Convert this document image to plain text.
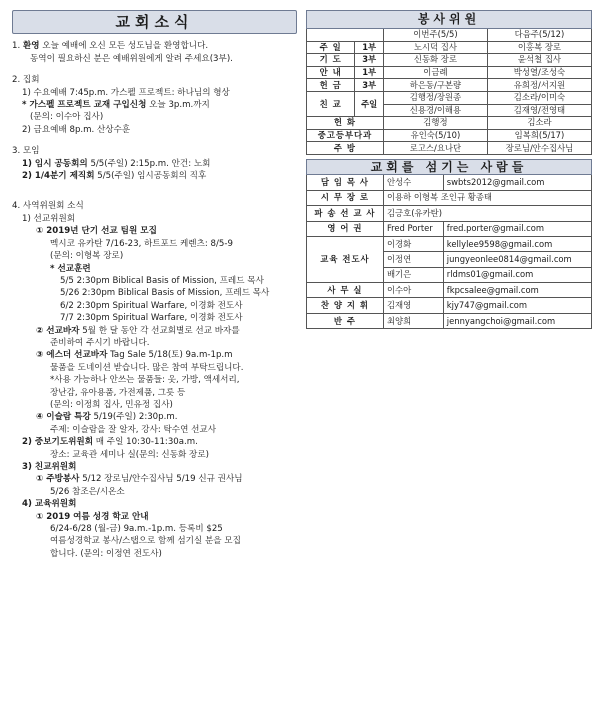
교회소식

1. 환영 오늘 예배에 오신 모든 성도님을 환영합니다.

동역이 필요하신 분은 예배위원에게 알려 주세요(3부).

2. 집회

1) 수요예배 7:45p.m. 가스펠 프로젝트: 하나님의 형상

* 가스펠 프로젝트 교재 구입신청 오늘 3p.m.까지

(문의: 이수아 집사)

2) 금요예배 8p.m. 산상수훈

3. 모임

1) 임시 공동회의 5/5(주일) 2:15p.m. 안건: 노회

2) 1/4분기 제직회 5/5(주일) 임시공동회의 직후

4. 사역위원회 소식

1) 선교위원회

① 2019년 단기 선교 팀원 모집

멕시코 유카탄 7/16-23, 하트포드 케렌츠: 8/5-9

(문의: 이형복 장로)

* 선교훈련

5/5 2:30pm Biblical Basis of Mission, 프레드 목사

5/26 2:30pm Biblical Basis of Mission, 프레드 목사

6/2 2:30pm Spiritual Warfare, 이경화 전도사

7/7 2:30pm Spiritual Warfare, 이경화 전도사

② 선교바자 5월 한 달 동안 각 선교회별로 선교 바자를

준비하여 주시기 바랍니다.

③ 에스더 선교바자 Tag Sale 5/18(토) 9a.m-1p.m

물품을 도네이션 받습니다. 많은 참여 부탁드립니다.

*사용 가능하나 안쓰는 물품들: 옷, 가방, 액세서리,

장난감, 유아용품, 가전제품, 그릇 등

(문의: 이정희 집사, 민유정 집사)

④ 이슬람 특강 5/19(주일) 2:30p.m.

주제: 이슬람을 잘 알자, 강사: 탁수연 선교사

2) 중보기도위원회 매 주일 10:30-11:30a.m.

장소: 교육관 세미나 실(문의: 신동화 장로)

3) 친교위원회

① 주방봉사 5/12 장로님/안수집사님 5/19 신규 권사님

5/26 참조은/시온소

4) 교육위원회

① 2019 여름 성경 학교 안내

6/24-6/28 (월-금) 9a.m.-1p.m. 등록비 $25

여름성경학교 봉사/스탭으로 함께 섬기실 분을 모집

합니다. (문의: 이정연 전도사)

봉사위원			
		이번주(5/5)	다음주(5/12)
주 일	1부	노시덕 집사	이홍복 장로
기 도	3부	신동화 장로	윤석철 집사
안 내	1부	이금례	박성열/조성숙
헌 금	3부	하은동/구본량	유희정/서지원
친 교	주일	김행정/장원종	김소라/이미숙
		신용경/이해용	김재영/전영태
헌 화		김행정	김소라
중고등부다과		유인숙(5/10)	임복희(5/17)
주 방		로고스/요나단	장로님/안수집사님
교회를 섬기는 사람들		
담 임 목 사	안성수	swbts2012@gmail.com
시 무 장 로	이용하 이형복 조인규 황종태	
파 송 선 교 사	김긍호(유카탄)	
영 어 권	Fred Porter	fred.porter@gmail.com
교육 전도사	이경화	kellylee9598@gmail.com
	이정연	jungyeonlee0814@gmail.com
	배기은	rldms01@gmail.com
사 무 실	이수아	fkpcsalee@gmail.com
찬 양 지 휘	김재영	kjy747@gmail.com
반 주	최양희	jennyangchoi@gmail.com
